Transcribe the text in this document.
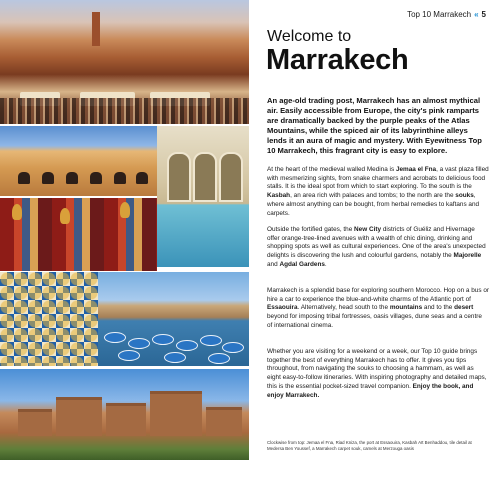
Top 10 Marrakech « 5
Welcome to
Marrakech

An age-old trading post, Marrakech has an almost mythical air. Easily accessible from Europe, the city's pink ramparts are dramatically backed by the purple peaks of the Atlas Mountains, while the spiced air of its labyrinthine alleys lends it an aura of magic and mystery. With Eyewitness Top 10 Marrakech, this fragrant city is easy to explore.

At the heart of the medieval walled Medina is Jemaa el Fna, a vast plaza filled with mesmerizing sights, from snake charmers and acrobats to delicious food stalls. It is the ideal spot from which to start exploring. To the south is the Kasbah, an area rich with palaces and tombs; to the north are the souks, where almost anything can be bought, from herbal remedies to kaftans and carpets.

Outside the fortified gates, the New City districts of Guéliz and Hivernage offer orange-tree-lined avenues with a wealth of chic dining, drinking and shopping spots as well as cultural experiences. One of the area's unexpected delights is discovering the lush and colourful gardens, notably the Majorelle and Agdal Gardens.

Marrakech is a splendid base for exploring southern Morocco. Hop on a bus or hire a car to experience the blue-and-white charms of the Atlantic port of Essaouira. Alternatively, head south to the mountains and to the desert beyond for imposing tribal fortresses, oasis villages, dune seas and a centre of international cinema.

Whether you are visiting for a weekend or a week, our Top 10 guide brings together the best of everything Marrakech has to offer. It gives you tips throughout, from navigating the souks to choosing a hammam, as well as eight easy-to-follow itineraries. With inspiring photography and detailed maps, this is the essential pocket-sized travel companion. Enjoy the book, and enjoy Marrakech.

Clockwise from top: Jemaa el Fna, Riad Kniza, the port at Essaouira, Kasbah Aït Benhaddou, tile detail at Medersa Ben Youssef, a Marrakech carpet souk, camels at Merzouga oasis
